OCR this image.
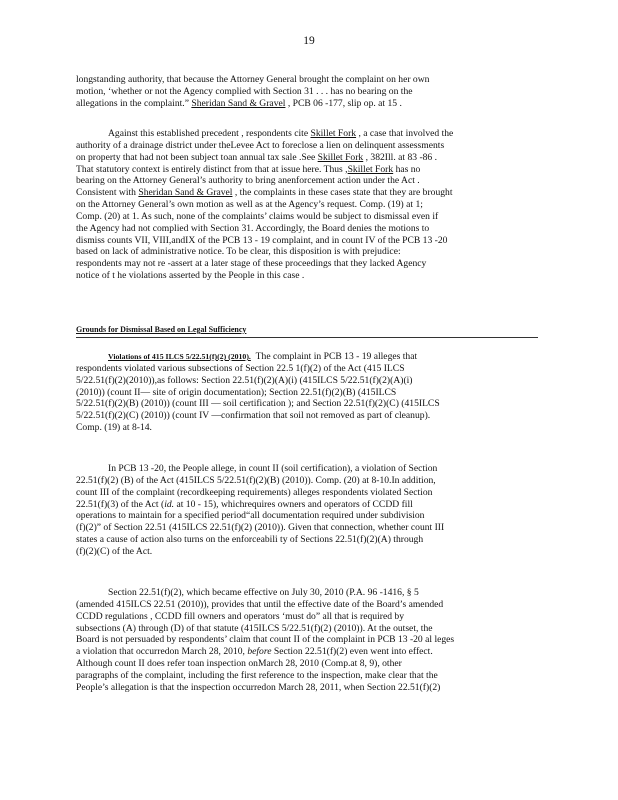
19
longstanding authority, that because the Attorney General brought the complaint on her own
motion, ‘whether or not the Agency complied with Section 31 . . . has no bearing on the
allegations in the complaint.” Sheridan Sand & Gravel , PCB 06 -177, slip op. at 15 .
Against this established precedent , respondents cite Skillet Fork , a case that involved the
authority of a drainage district under theLevee Act to foreclose a lien on delinquent assessments
on property that had not been subject toan annual tax sale .See Skillet Fork , 382Ill. at 83 -86 .
That statutory context is entirely distinct from that at issue here. Thus ,Skillet Fork has no
bearing on the Attorney General’s authority to bring anenforcement action under the Act .
Consistent with Sheridan Sand & Gravel , the complaints in these cases state that they are brought
on the Attorney General’s own motion as well as at the Agency’s request. Comp. (19) at 1;
Comp. (20) at 1. As such, none of the complaints’ claims would be subject to dismissal even if
the Agency had not complied with Section 31. Accordingly, the Board denies the motions to
dismiss counts VII, VIII,andIX of the PCB 13 - 19 complaint, and in count IV of the PCB 13 -20
based on lack of administrative notice. To be clear, this disposition is with prejudice:
respondents may not re -assert at a later stage of these proceedings that they lacked Agency
notice of t he violations asserted by the People in this case .
Grounds for Dismissal Based on Legal Sufficiency
Violations of 415 ILCS 5/22.51(f)(2) (2010). The complaint in PCB 13 - 19 alleges that
respondents violated various subsections of Section 22.5 1(f)(2) of the Act (415 ILCS
5/22.51(f)(2)(2010)),as follows: Section 22.51(f)(2)(A)(i) (415ILCS 5/22.51(f)(2)(A)(i)
(2010)) (count II— site of origin documentation); Section 22.51(f)(2)(B) (415ILCS
5/22.51(f)(2)(B) (2010)) (count III — soil certification ); and Section 22.51(f)(2)(C) (415ILCS
5/22.51(f)(2)(C) (2010)) (count IV —confirmation that soil not removed as part of cleanup).
Comp. (19) at 8-14.
In PCB 13 -20, the People allege, in count II (soil certification), a violation of Section
22.51(f)(2) (B) of the Act (415ILCS 5/22.51(f)(2)(B) (2010)). Comp. (20) at 8-10.In addition,
count III of the complaint (recordkeeping requirements) alleges respondents violated Section
22.51(f)(3) of the Act (id. at 10 - 15), whichrequires owners and operators of CCDD fill
operations to maintain for a specified period“all documentation required under subdivision
(f)(2)” of Section 22.51 (415ILCS 22.51(f)(2) (2010)). Given that connection, whether count III
states a cause of action also turns on the enforceabili ty of Sections 22.51(f)(2)(A) through
(f)(2)(C) of the Act.
Section 22.51(f)(2), which became effective on July 30, 2010 (P.A. 96 -1416, § 5
(amended 415ILCS 22.51 (2010)), provides that until the effective date of the Board’s amended
CCDD regulations , CCDD fill owners and operators ‘must do” all that is required by
subsections (A) through (D) of that statute (415ILCS 5/22.51(f)(2) (2010)). At the outset, the
Board is not persuaded by respondents’ claim that count II of the complaint in PCB 13 -20 al leges
a violation that occurredon March 28, 2010, before Section 22.51(f)(2) even went into effect.
Although count II does refer toan inspection onMarch 28, 2010 (Comp.at 8, 9), other
paragraphs of the complaint, including the first reference to the inspection, make clear that the
People’s allegation is that the inspection occurredon March 28, 2011, when Section 22.51(f)(2)
